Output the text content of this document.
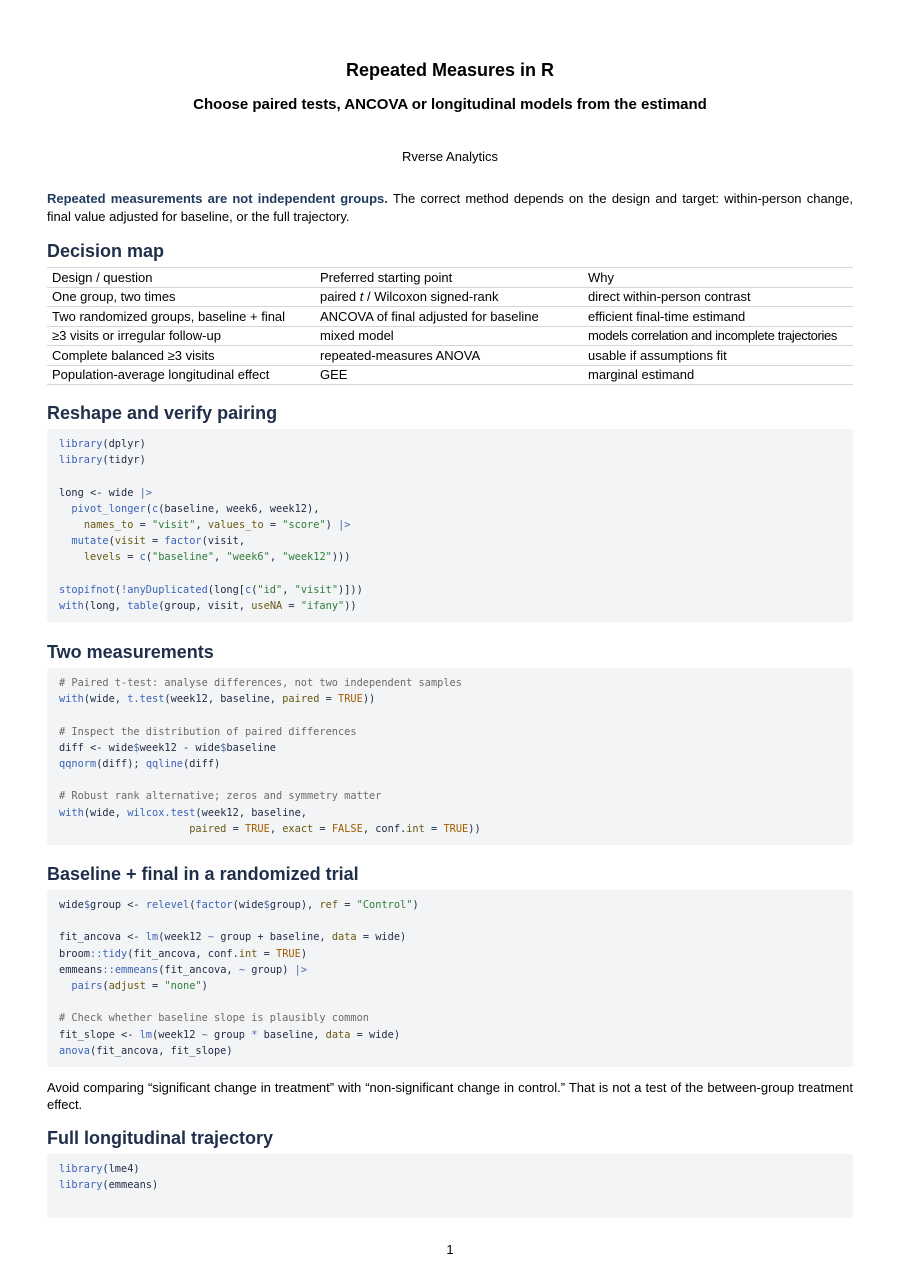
Repeated Measures in R
Choose paired tests, ANCOVA or longitudinal models from the estimand
Rverse Analytics
Repeated measurements are not independent groups. The correct method depends on the design and target: within-person change, final value adjusted for baseline, or the full trajectory.
Decision map
Design / question	Preferred starting point	Why
One group, two times	paired t / Wilcoxon signed-rank	direct within-person contrast
Two randomized groups, baseline + final	ANCOVA of final adjusted for baseline	efficient final-time estimand
≥3 visits or irregular follow-up	mixed model	models correlation and incomplete trajectories
Complete balanced ≥3 visits	repeated-measures ANOVA	usable if assumptions fit
Population-average longitudinal effect	GEE	marginal estimand
Reshape and verify pairing
library(dplyr)
library(tidyr)

long <- wide |>
pivot_longer(c(baseline, week6, week12),
names_to = "visit", values_to = "score") |>
mutate(visit = factor(visit,
levels = c("baseline", "week6", "week12")))

stopifnot(!anyDuplicated(long[c("id", "visit")]))
with(long, table(group, visit, useNA = "ifany"))
Two measurements
# Paired t-test: analyse differences, not two independent samples
with(wide, t.test(week12, baseline, paired = TRUE))

# Inspect the distribution of paired differences
diff <- wide$week12 - wide$baseline
qqnorm(diff); qqline(diff)

# Robust rank alternative; zeros and symmetry matter
with(wide, wilcox.test(week12, baseline,
paired = TRUE, exact = FALSE, conf.int = TRUE))
Baseline + final in a randomized trial
wide$group <- relevel(factor(wide$group), ref = "Control")

fit_ancova <- lm(week12 ~ group + baseline, data = wide)
broom::tidy(fit_ancova, conf.int = TRUE)
emmeans::emmeans(fit_ancova, ~ group) |>
pairs(adjust = "none")

# Check whether baseline slope is plausibly common
fit_slope <- lm(week12 ~ group * baseline, data = wide)
anova(fit_ancova, fit_slope)
Avoid comparing “significant change in treatment” with “non-significant change in control.” That is not a test of the between-group treatment effect.
Full longitudinal trajectory
library(lme4)
library(emmeans)
1
